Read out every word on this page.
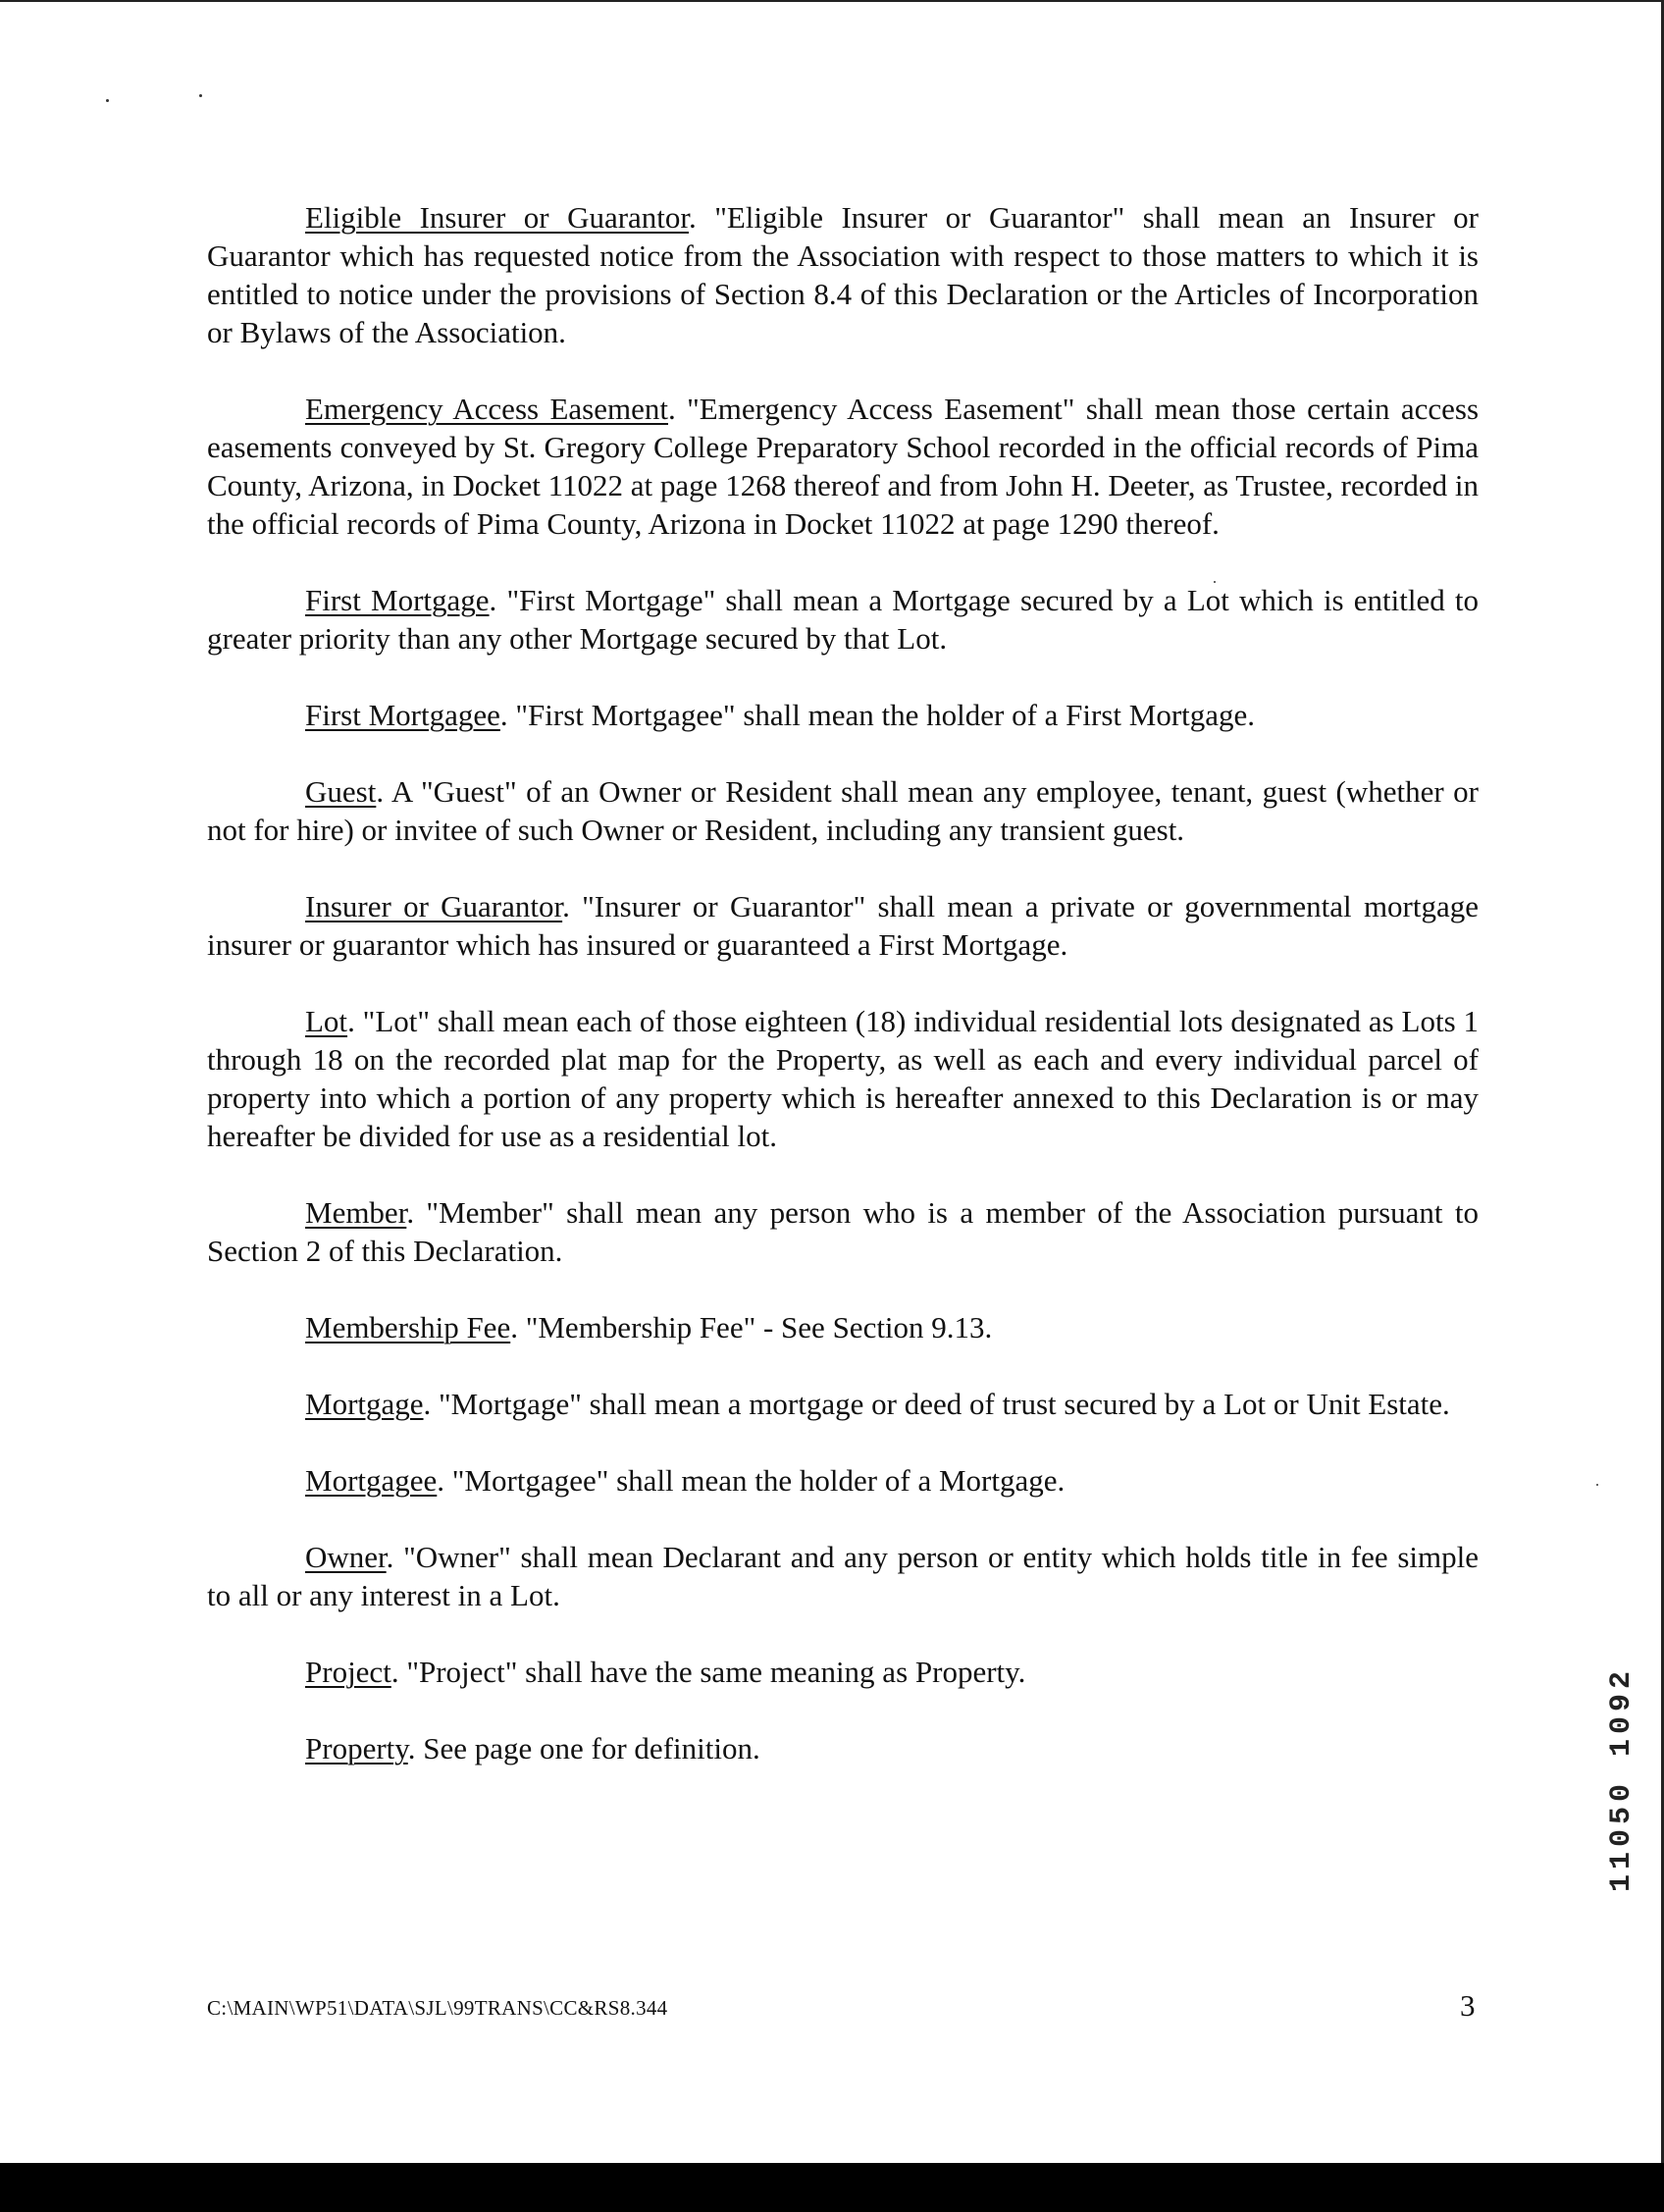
Eligible Insurer or Guarantor. "Eligible Insurer or Guarantor" shall mean an Insurer or Guarantor which has requested notice from the Association with respect to those matters to which it is entitled to notice under the provisions of Section 8.4 of this Declaration or the Articles of Incorporation or Bylaws of the Association.

Emergency Access Easement. "Emergency Access Easement" shall mean those certain access easements conveyed by St. Gregory College Preparatory School recorded in the official records of Pima County, Arizona, in Docket 11022 at page 1268 thereof and from John H. Deeter, as Trustee, recorded in the official records of Pima County, Arizona in Docket 11022 at page 1290 thereof.

First Mortgage. "First Mortgage" shall mean a Mortgage secured by a Lot which is entitled to greater priority than any other Mortgage secured by that Lot.

First Mortgagee. "First Mortgagee" shall mean the holder of a First Mortgage.

Guest. A "Guest" of an Owner or Resident shall mean any employee, tenant, guest (whether or not for hire) or invitee of such Owner or Resident, including any transient guest.

Insurer or Guarantor. "Insurer or Guarantor" shall mean a private or governmental mortgage insurer or guarantor which has insured or guaranteed a First Mortgage.

Lot. "Lot" shall mean each of those eighteen (18) individual residential lots designated as Lots 1 through 18 on the recorded plat map for the Property, as well as each and every individual parcel of property into which a portion of any property which is hereafter annexed to this Declaration is or may hereafter be divided for use as a residential lot.

Member. "Member" shall mean any person who is a member of the Association pursuant to Section 2 of this Declaration.

Membership Fee. "Membership Fee" - See Section 9.13.

Mortgage. "Mortgage" shall mean a mortgage or deed of trust secured by a Lot or Unit Estate.

Mortgagee. "Mortgagee" shall mean the holder of a Mortgage.

Owner. "Owner" shall mean Declarant and any person or entity which holds title in fee simple to all or any interest in a Lot.

Project. "Project" shall have the same meaning as Property.

Property. See page one for definition.

C:\MAIN\WP51\DATA\SJL\99TRANS\CC&RS8.344	3
11050 1092
